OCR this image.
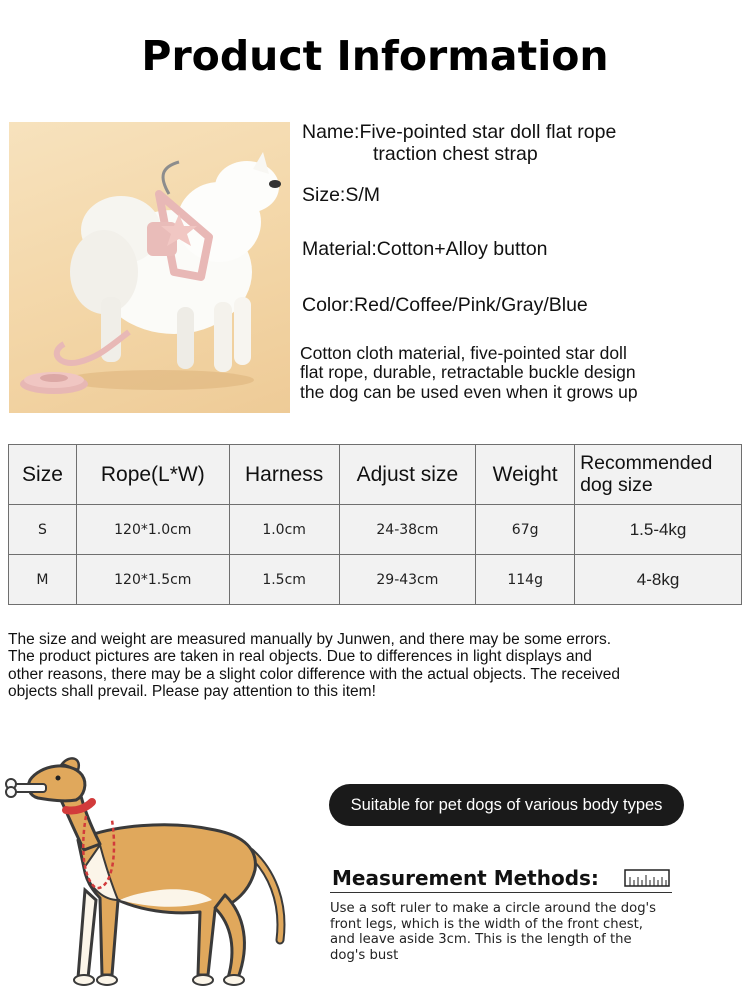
Product Information
Name:Five-pointed star doll flat rope
traction chest strap
Size:S/M
Material:Cotton+Alloy button
Color:Red/Coffee/Pink/Gray/Blue
Cotton cloth material, five-pointed star doll
flat rope, durable, retractable buckle design
the dog can be used even when it grows up
Size	Rope(L*W)	Harness	Adjust size	Weight	Recommended
dog size

S	120*1.0cm	1.0cm	24-38cm	67g	1.5-4kg
M	120*1.5cm	1.5cm	29-43cm	114g	4-8kg
The size and weight are measured manually by Junwen, and there may be some errors.
The product pictures are taken in real objects. Due to differences in light displays and
other reasons, there may be a slight color difference with the actual objects. The received
objects shall prevail. Please pay attention to this item!
Suitable for pet dogs of various body types
Measurement Methods:
Use a soft ruler to make a circle around the dog's
front legs, which is the width of the front chest,
and leave aside 3cm. This is the length of the
dog's bust
